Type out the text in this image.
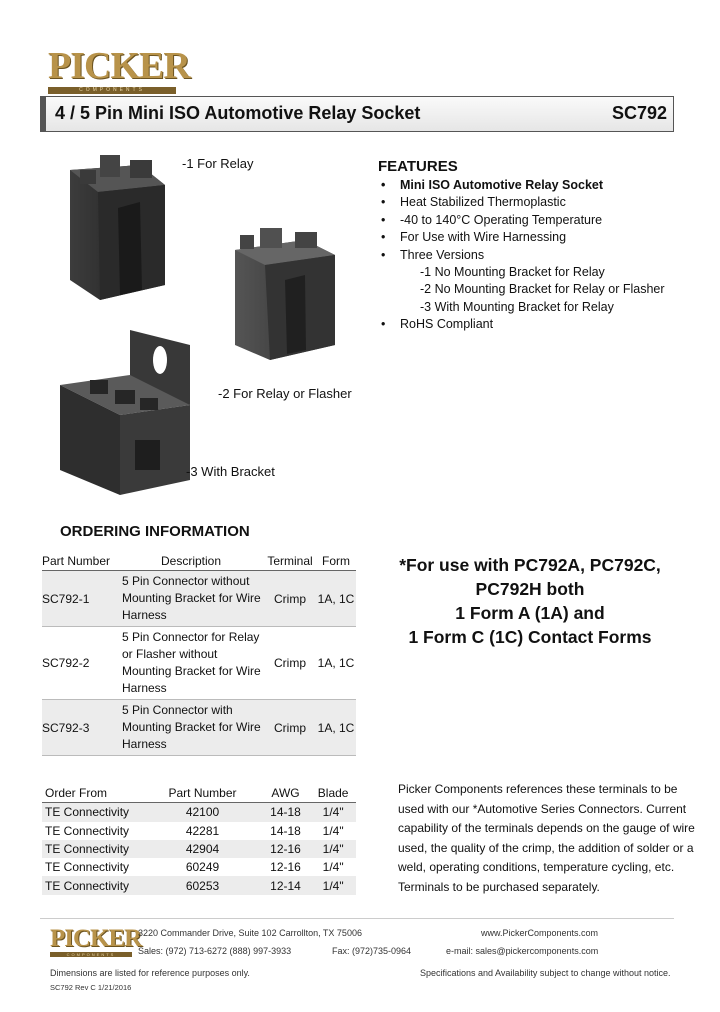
PICKER
COMPONENTS
4 / 5 Pin Mini ISO Automotive Relay Socket	SC792
-1 For Relay
-2 For Relay or Flasher
-3 With Bracket
FEATURES
• Mini ISO Automotive Relay Socket
• Heat Stabilized Thermoplastic
• -40 to 140°C Operating Temperature
• For Use with Wire Harnessing
• Three Versions
-1 No Mounting Bracket for Relay
-2 No Mounting Bracket for Relay or Flasher
-3 With Mounting Bracket for Relay
• RoHS Compliant
ORDERING INFORMATION
Part Number	Description	Terminal	Form
SC792-1	5 Pin Connector without
Mounting Bracket for Wire
Harness	Crimp	1A, 1C
SC792-2	5 Pin Connector for Relay
or Flasher without
Mounting Bracket for Wire
Harness	Crimp	1A, 1C
SC792-3	5 Pin Connector with
Mounting Bracket for Wire
Harness	Crimp	1A, 1C
*For use with PC792A, PC792C,
PC792H both
1 Form A (1A) and
1 Form C (1C) Contact Forms
Order From	Part Number	AWG	Blade
TE Connectivity	42100	14-18	1/4"
TE Connectivity	42281	14-18	1/4"
TE Connectivity	42904	12-16	1/4"
TE Connectivity	60249	12-16	1/4"
TE Connectivity	60253	12-14	1/4"
Picker Components references these terminals to be
used with our *Automotive Series Connectors. Current
capability of the terminals depends on the gauge of wire
used, the quality of the crimp, the addition of solder or a
weld, operating conditions, temperature cycling, etc.
Terminals to be purchased separately.
PICKER
COMPONENTS
3220 Commander Drive, Suite 102 Carrollton, TX 75006	www.PickerComponents.com
Sales: (972) 713-6272 (888) 997-3933	Fax: (972)735-0964	e-mail: sales@pickercomponents.com
Dimensions are listed for reference purposes only.	Specifications and Availability subject to change without notice.
SC792 Rev C 1/21/2016
